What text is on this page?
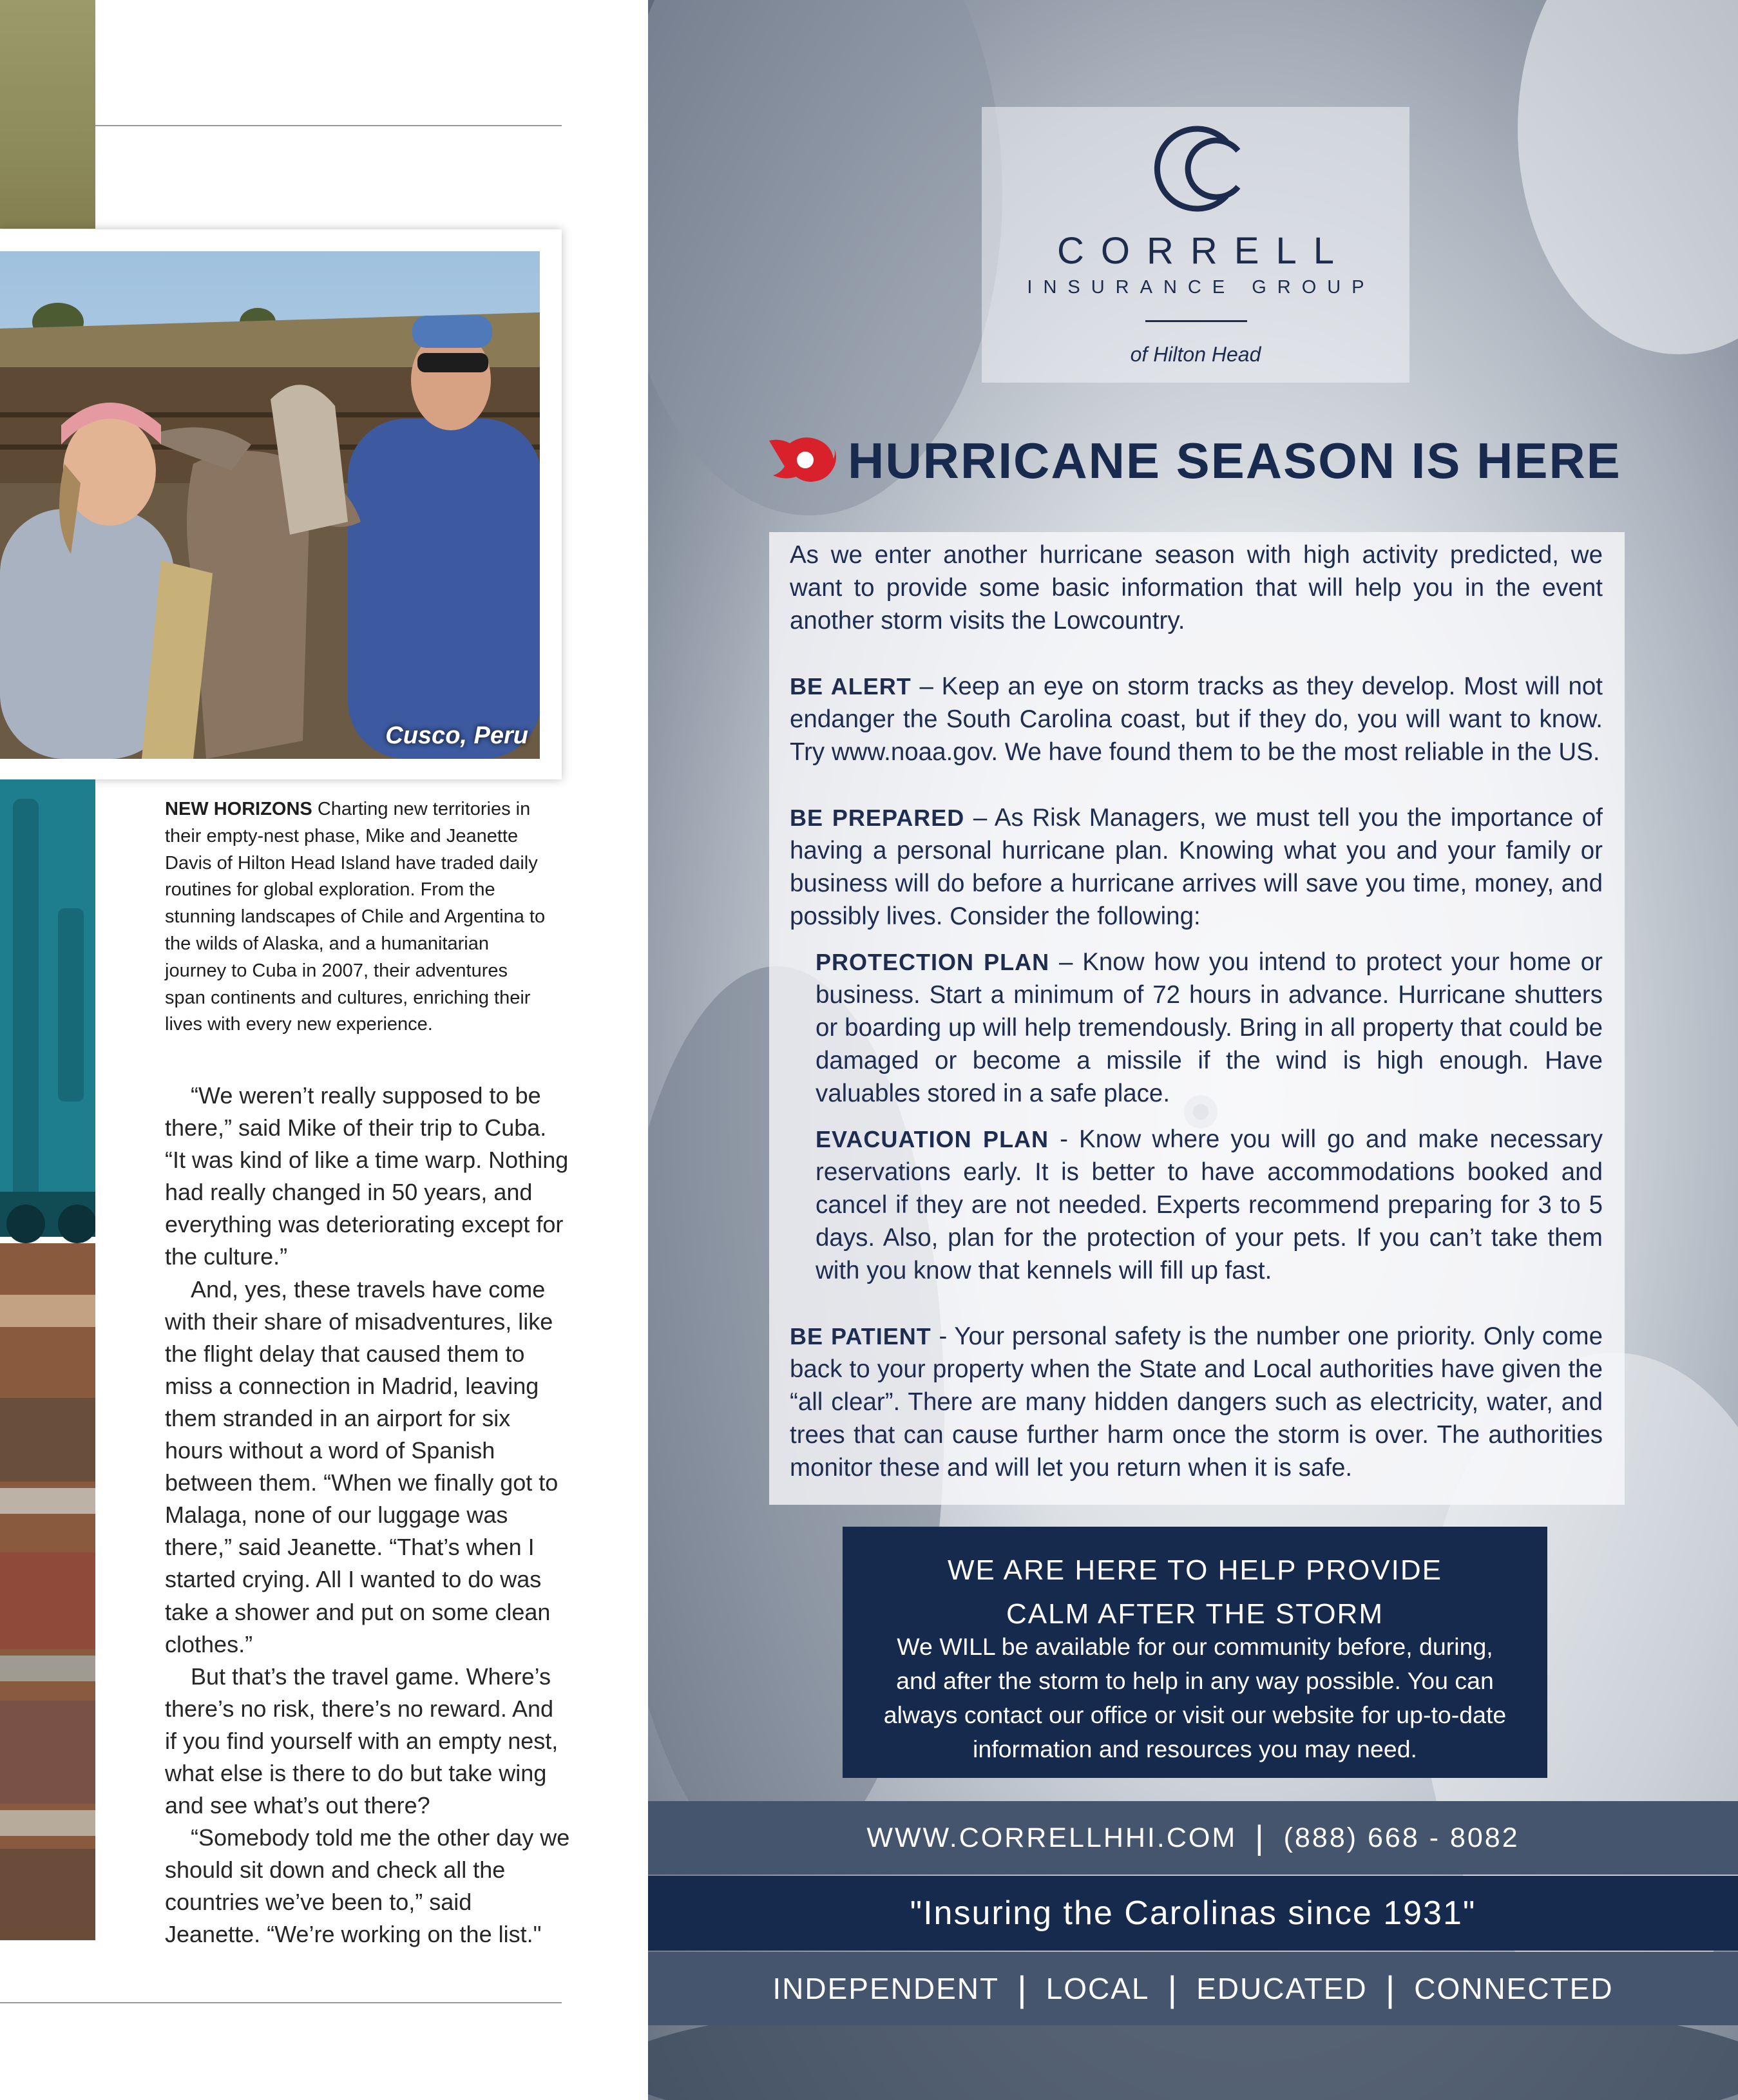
Cusco, Peru
NEW HORIZONS Charting new territories in their empty-nest phase, Mike and Jeanette Davis of Hilton Head Island have traded daily routines for global exploration. From the stunning landscapes of Chile and Argentina to the wilds of Alaska, and a humanitarian journey to Cuba in 2007, their adventures span continents and cultures, enriching their lives with every new experience.

“We weren’t really supposed to be there,” said Mike of their trip to Cuba. “It was kind of like a time warp. Nothing had really changed in 50 years, and everything was deteriorating except for the culture.”

And, yes, these travels have come with their share of misadventures, like the flight delay that caused them to miss a connection in Madrid, leaving them stranded in an airport for six hours without a word of Spanish between them. “When we finally got to Malaga, none of our luggage was there,” said Jeanette. “That’s when I started crying. All I wanted to do was take a shower and put on some clean clothes.”

But that’s the travel game. Where’s there’s no risk, there’s no reward. And if you find yourself with an empty nest, what else is there to do but take wing and see what’s out there?

“Somebody told me the other day we should sit down and check all the countries we’ve been to,” said Jeanette. “We’re working on the list."

CORRELL
INSURANCE GROUP
of Hilton Head
HURRICANE SEASON IS HERE

As we enter another hurricane season with high activity predicted, we want to provide some basic information that will help you in the event another storm visits the Lowcountry.

BE ALERT – Keep an eye on storm tracks as they develop. Most will not endanger the South Carolina coast, but if they do, you will want to know. Try www.noaa.gov. We have found them to be the most reliable in the US.

BE PREPARED – As Risk Managers, we must tell you the importance of having a personal hurricane plan. Knowing what you and your family or business will do before a hurricane arrives will save you time, money, and possibly lives. Consider the following:

PROTECTION PLAN – Know how you intend to protect your home or business. Start a minimum of 72 hours in advance. Hurricane shutters or boarding up will help tremendously. Bring in all property that could be damaged or become a missile if the wind is high enough. Have valuables stored in a safe place.

EVACUATION PLAN - Know where you will go and make necessary reservations early. It is better to have accommodations booked and cancel if they are not needed. Experts recommend preparing for 3 to 5 days. Also, plan for the protection of your pets. If you can’t take them with you know that kennels will fill up fast.

BE PATIENT - Your personal safety is the number one priority. Only come back to your property when the State and Local authorities have given the “all clear”. There are many hidden dangers such as electricity, water, and trees that can cause further harm once the storm is over. The authorities monitor these and will let you return when it is safe.

WE ARE HERE TO HELP PROVIDE
CALM AFTER THE STORM
We WILL be available for our community before, during, and after the storm to help in any way possible. You can always contact our office or visit our website for up-to-date information and resources you may need.
WWW.CORRELLHHI.COM | (888) 668 - 8082
"Insuring the Carolinas since 1931"
INDEPENDENT | LOCAL | EDUCATED | CONNECTED
